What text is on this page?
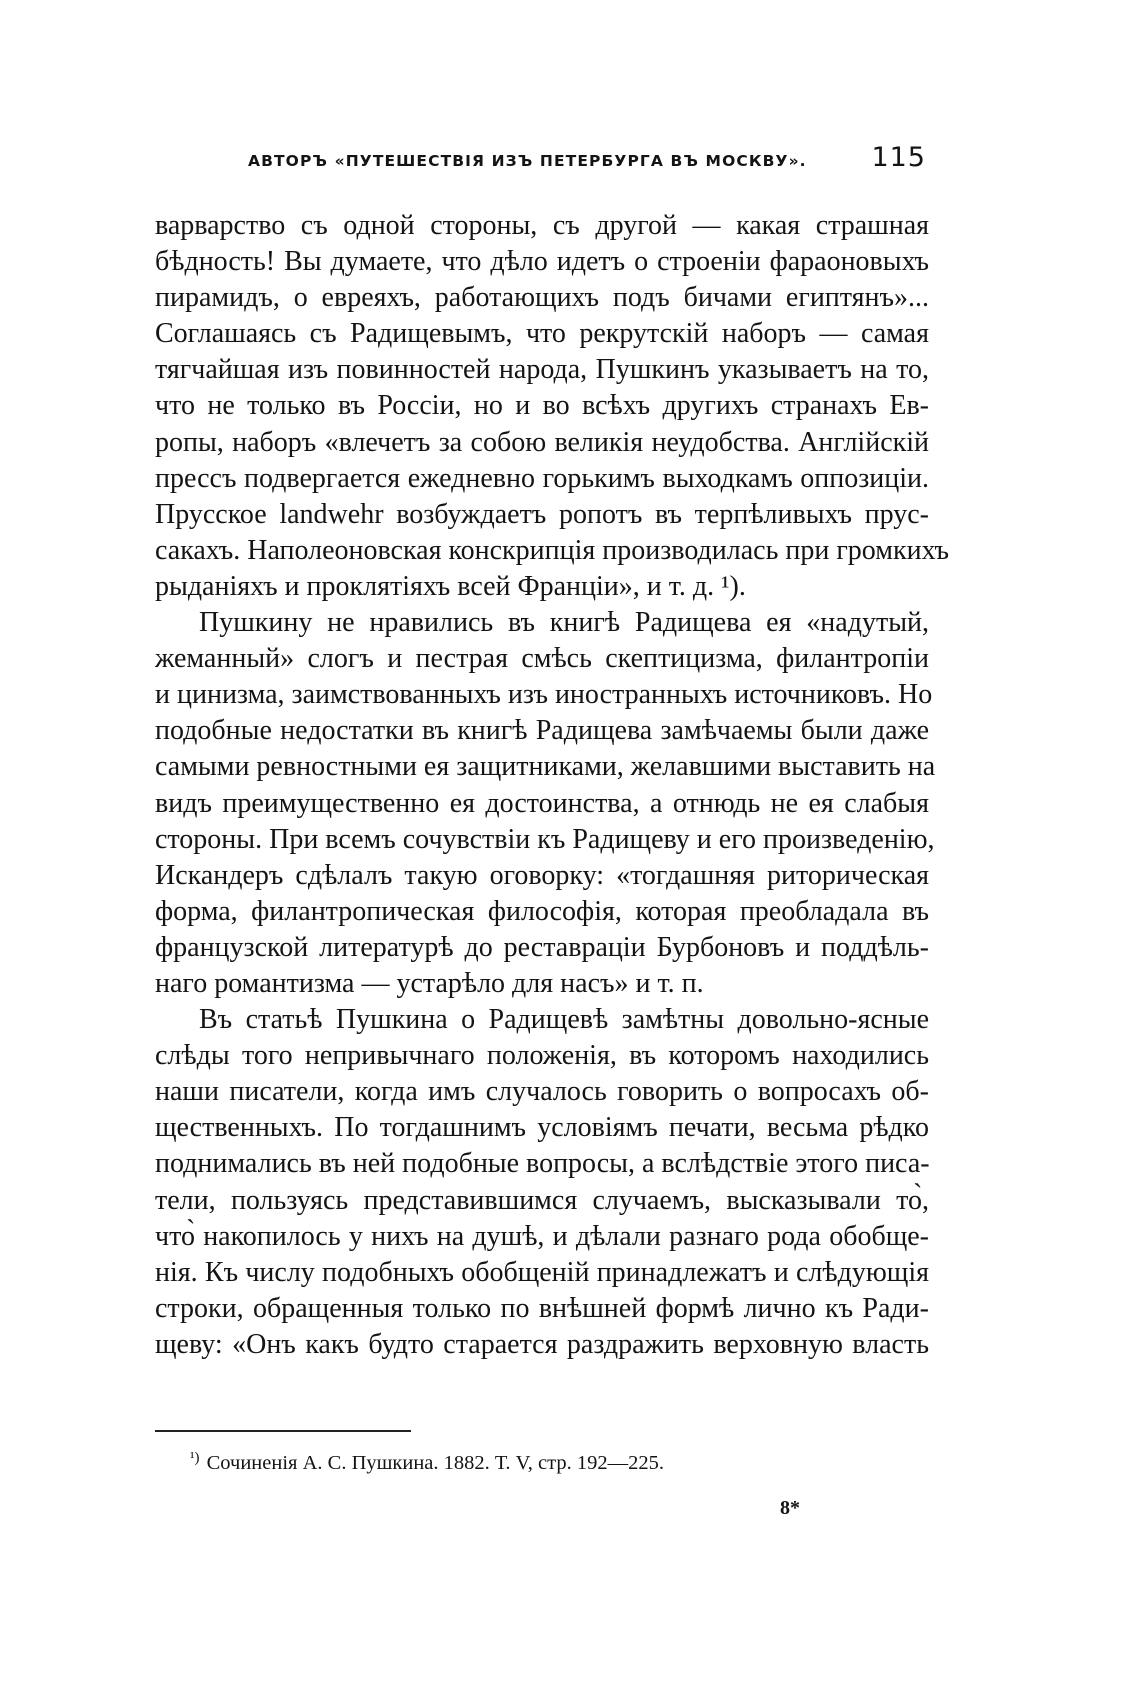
АВТОРЪ «ПУТЕШЕСТВІЯ ИЗЪ ПЕТЕРБУРГА ВЪ МОСКВУ». 115
варварство съ одной стороны, съ другой — какая страшная
бѣдность! Вы думаете, что дѣло идетъ о строеніи фараоновыхъ
пирамидъ, о евреяхъ, работающихъ подъ бичами египтянъ»...
Соглашаясь съ Радищевымъ, что рекрутскій наборъ — самая
тягчайшая изъ повинностей народа, Пушкинъ указываетъ на то,
что не только въ Россіи, но и во всѣхъ другихъ странахъ Ев-
ропы, наборъ «влечетъ за собою великія неудобства. Англійскій
прессъ подвергается ежедневно горькимъ выходкамъ оппозиціи.
Прусское landwehr возбуждаетъ ропотъ въ терпѣливыхъ прус-
сакахъ. Наполеоновская конскрипція производилась при громкихъ
рыданіяхъ и проклятіяхъ всей Франціи», и т. д. ¹).
Пушкину не нравились въ книгѣ Радищева ея «надутый,
жеманный» слогъ и пестрая смѣсь скептицизма, филантропіи
и цинизма, заимствованныхъ изъ иностранныхъ источниковъ. Но
подобные недостатки въ книгѣ Радищева замѣчаемы были даже
самыми ревностными ея защитниками, желавшими выставить на
видъ преимущественно ея достоинства, а отнюдь не ея слабыя
стороны. При всемъ сочувствіи къ Радищеву и его произведенію,
Искандеръ сдѣлалъ такую оговорку: «тогдашняя риторическая
форма, филантропическая философія, которая преобладала въ
французской литературѣ до реставраціи Бурбоновъ и поддѣль-
наго романтизма — устарѣло для насъ» и т. п.
Въ статьѣ Пушкина о Радищевѣ замѣтны довольно-ясные
слѣды того непривычнаго положенія, въ которомъ находились
наши писатели, когда имъ случалось говорить о вопросахъ об-
щественныхъ. По тогдашнимъ условіямъ печати, весьма рѣдко
поднимались въ ней подобные вопросы, а вслѣдствіе этого писа-
тели, пользуясь представившимся случаемъ, высказывали то̀,
что̀ накопилось у нихъ на душѣ, и дѣлали разнаго рода обобще-
нія. Къ числу подобныхъ обобщеній принадлежатъ и слѣдующія
строки, обращенныя только по внѣшней формѣ лично къ Ради-
щеву: «Онъ какъ будто старается раздражить верховную власть
$^{^1)}$ Сочиненія А. С. Пушкина. 1882. Т. V, стр. 192—225.
8*
